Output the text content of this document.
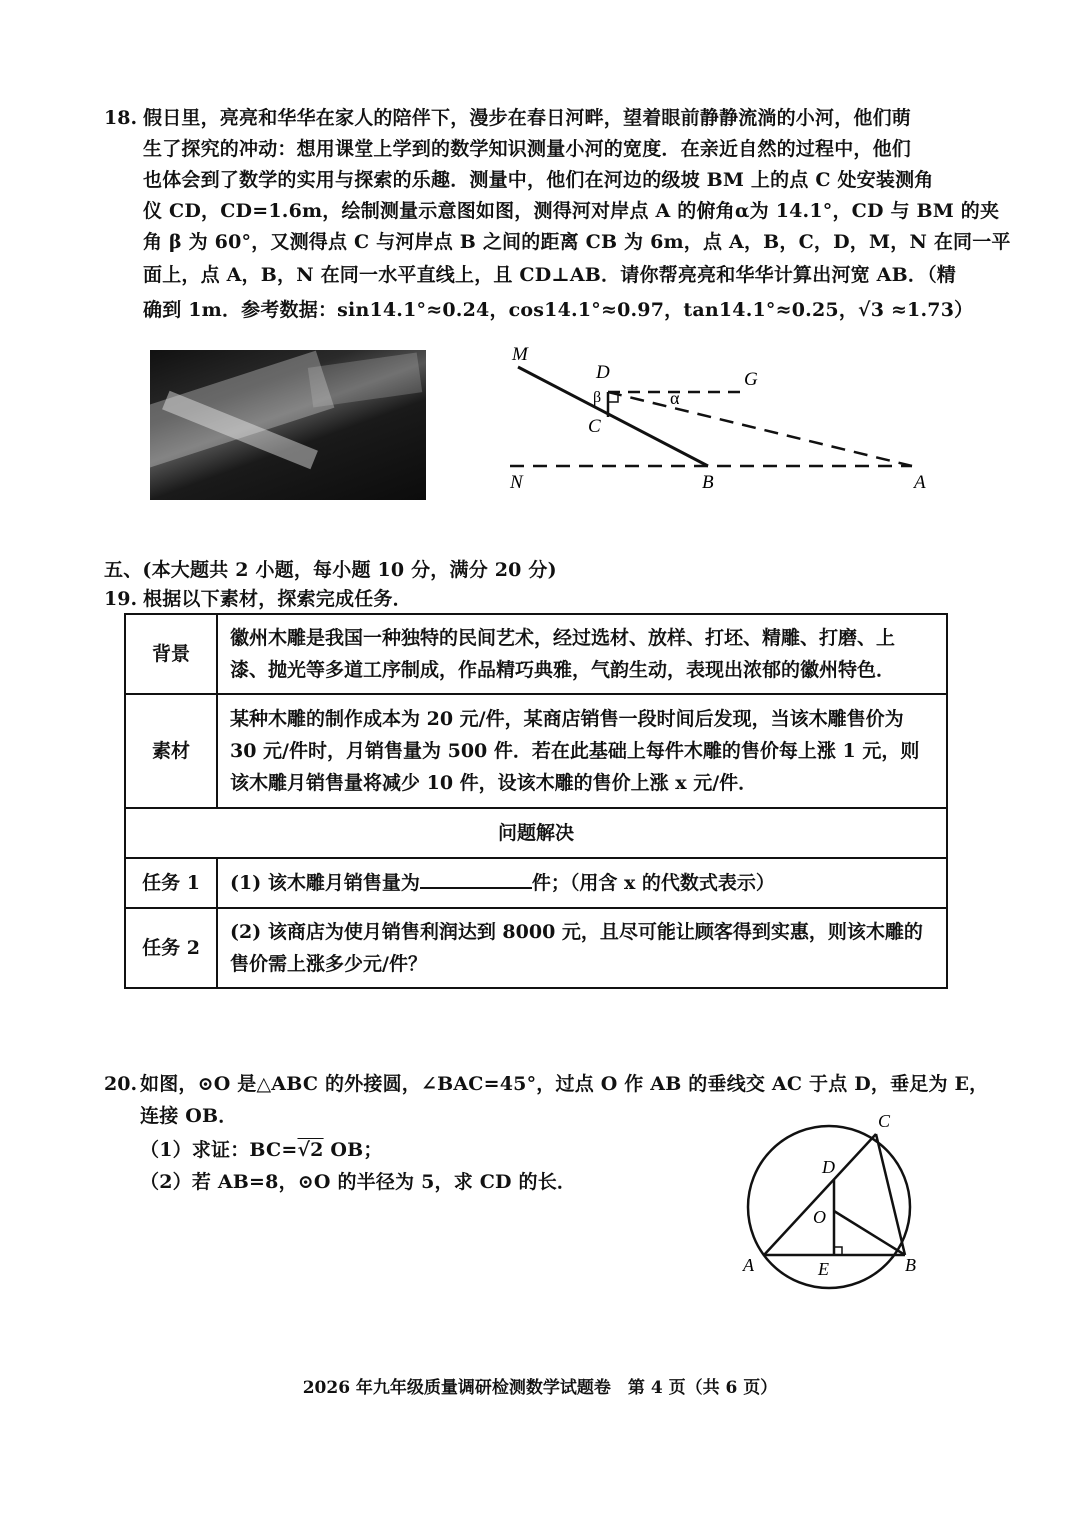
18. 假日里，亮亮和华华在家人的陪伴下，漫步在春日河畔，望着眼前静静流淌的小河，他们萌
生了探究的冲动：想用课堂上学到的数学知识测量小河的宽度．在亲近自然的过程中，他们
也体会到了数学的实用与探索的乐趣．测量中，他们在河边的级坡 BM 上的点 C 处安装测角
仪 CD，CD=1.6m，绘制测量示意图如图，测得河对岸点 A 的俯角α为 14.1°，CD 与 BM 的夹
角 β 为 60°，又测得点 C 与河岸点 B 之间的距离 CB 为 6m，点 A，B，C，D，M，N 在同一平
面上，点 A，B，N 在同一水平直线上，且 CD⊥AB．请你帮亮亮和华华计算出河宽 AB．（精
确到 1m．参考数据：sin14.1°≈0.24，cos14.1°≈0.97，tan14.1°≈0.25，√3 ≈1.73）
M
D	G
β	α
C
N	B	A
五、(本大题共 2 小题，每小题 10 分，满分 20 分)
19. 根据以下素材，探索完成任务．
背景	徽州木雕是我国一种独特的民间艺术，经过选材、放样、打坯、精雕、打磨、上
漆、抛光等多道工序制成，作品精巧典雅，气韵生动，表现出浓郁的徽州特色．

素材	某种木雕的制作成本为 20 元/件，某商店销售一段时间后发现，当该木雕售价为
30 元/件时，月销售量为 500 件．若在此基础上每件木雕的售价每上涨 1 元，则
该木雕月销售量将减少 10 件，设该木雕的售价上涨 x 元/件．

问题解决	
任务 1	(1) 该木雕月销售量为 件；（用含 x 的代数式表示）
任务 2	(2) 该商店为使月销售利润达到 8000 元，且尽可能让顾客得到实惠，则该木雕的
售价需上涨多少元/件？
20. 如图，⊙O 是△ABC 的外接圆，∠BAC=45°，过点 O 作 AB 的垂线交 AC 于点 D，垂足为 E，
连接 OB．
（1）求证：BC=√2 OB；
（2）若 AB=8，⊙O 的半径为 5，求 CD 的长．
C
D
O
A	E	B
2026 年九年级质量调研检测数学试题卷　第 4 页（共 6 页）
